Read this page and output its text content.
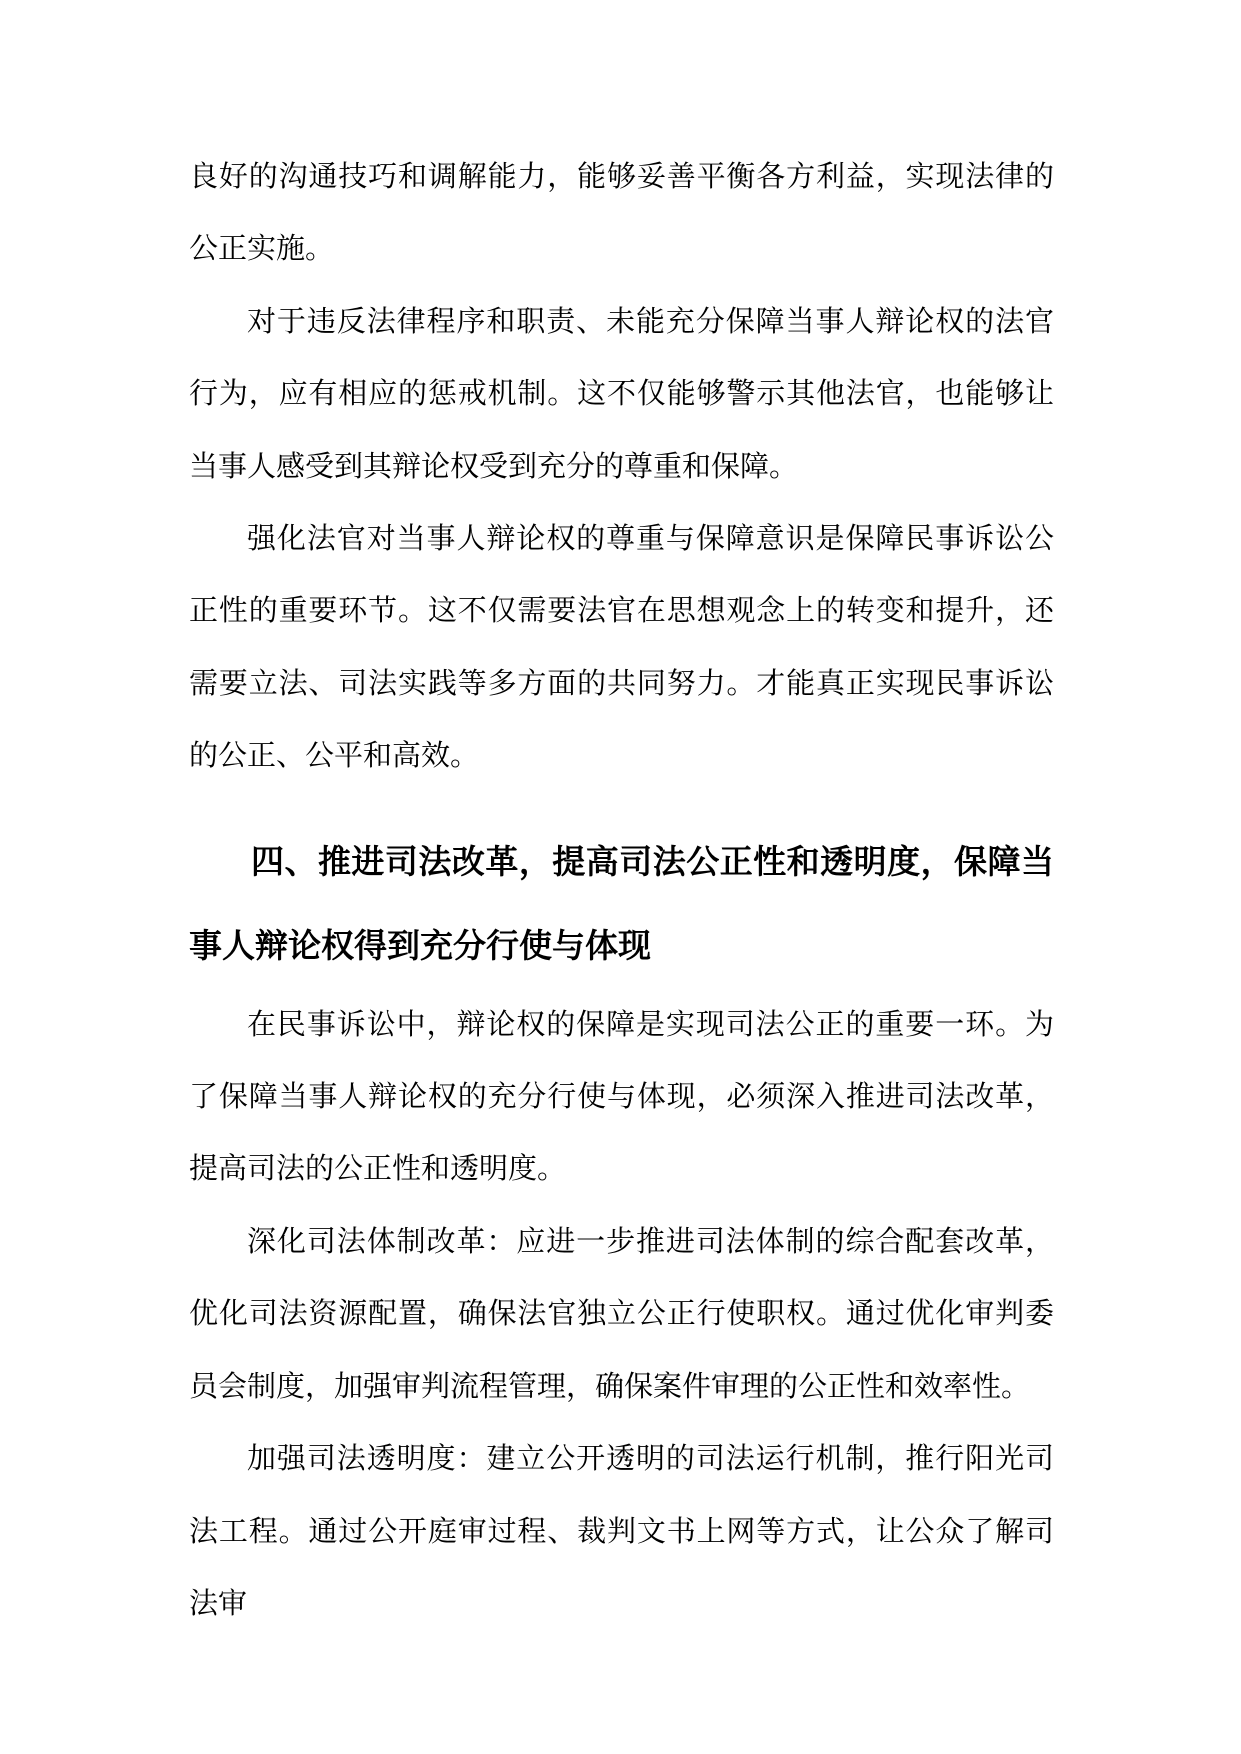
良好的沟通技巧和调解能力，能够妥善平衡各方利益，实现法律的公正实施。

对于违反法律程序和职责、未能充分保障当事人辩论权的法官行为，应有相应的惩戒机制。这不仅能够警示其他法官，也能够让当事人感受到其辩论权受到充分的尊重和保障。

强化法官对当事人辩论权的尊重与保障意识是保障民事诉讼公正性的重要环节。这不仅需要法官在思想观念上的转变和提升，还需要立法、司法实践等多方面的共同努力。才能真正实现民事诉讼的公正、公平和高效。

四、推进司法改革，提高司法公正性和透明度，保障当事人辩论权得到充分行使与体现

在民事诉讼中，辩论权的保障是实现司法公正的重要一环。为了保障当事人辩论权的充分行使与体现，必须深入推进司法改革，提高司法的公正性和透明度。

深化司法体制改革：应进一步推进司法体制的综合配套改革，优化司法资源配置，确保法官独立公正行使职权。通过优化审判委员会制度，加强审判流程管理，确保案件审理的公正性和效率性。

加强司法透明度：建立公开透明的司法运行机制，推行阳光司法工程。通过公开庭审过程、裁判文书上网等方式，让公众了解司法审
